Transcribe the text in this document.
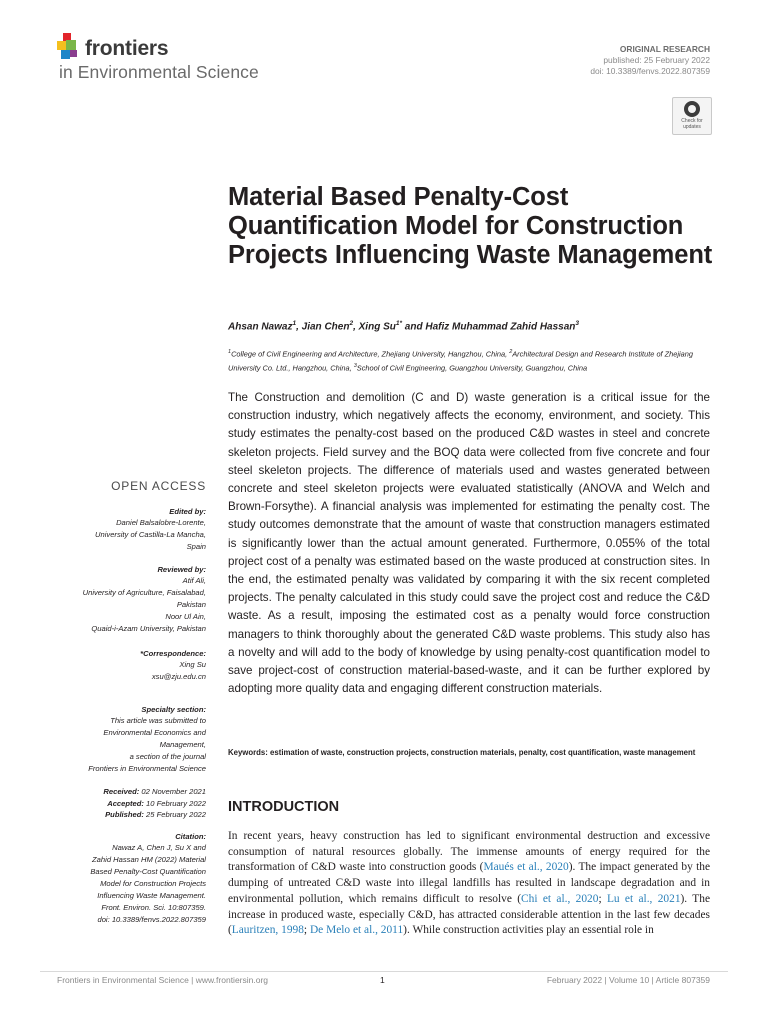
frontiers
in Environmental Science
ORIGINAL RESEARCH
published: 25 February 2022
doi: 10.3389/fenvs.2022.807359
Check for updates
Material Based Penalty-Cost Quantification Model for Construction Projects Influencing Waste Management

Ahsan Nawaz$^1$, Jian Chen$^2$, Xing $Su^{1*}$ and Hafiz Muhammad Zahid Hassan$^3$

$^1$College of Civil Engineering and Architecture, Zhejiang University, Hangzhou, China, $^2$Architectural Design and Research Institute of Zhejiang University Co. Ltd., Hangzhou, China, $^3$School of Civil Engineering, Guangzhou University, Guangzhou, China

The Construction and demolition (C and D) waste generation is a critical issue for the construction industry, which negatively affects the economy, environment, and society. This study estimates the penalty-cost based on the produced C&D wastes in steel and concrete skeleton projects. Field survey and the BOQ data were collected from five concrete and four steel skeleton projects. The difference of materials used and wastes generated between concrete and steel skeleton projects were evaluated statistically (ANOVA and Welch and Brown-Forsythe). A financial analysis was implemented for estimating the penalty cost. The study outcomes demonstrate that the amount of waste that construction managers estimated is significantly lower than the actual amount generated. Furthermore, 0.055% of the total project cost of a penalty was estimated based on the waste produced at construction sites. In the end, the estimated penalty was validated by comparing it with the six recent completed projects. The penalty calculated in this study could save the project cost and reduce the C&D waste. As a result, imposing the estimated cost as a penalty would force construction managers to think thoroughly about the generated C&D waste problems. This study also has a novelty and will add to the body of knowledge by using penalty-cost quantification model to save project-cost of construction material-based-waste, and it can be further explored by adopting more quality data and engaging different construction materials.

Keywords: estimation of waste, construction projects, construction materials, penalty, cost quantification, waste management

INTRODUCTION

In recent years, heavy construction has led to significant environmental destruction and excessive consumption of natural resources globally. The immense amounts of energy required for the transformation of C&D waste into construction goods (Maués et al., 2020). The impact generated by the dumping of untreated C&D waste into illegal landfills has resulted in landscape degradation and in environmental pollution, which remains difficult to resolve (Chi et al., 2020; Lu et al., 2021). The increase in produced waste, especially C&D, has attracted considerable attention in the last few decades (Lauritzen, 1998; De Melo et al., 2011). While construction activities play an essential role in

OPEN ACCESS
Edited by:
Daniel Balsalobre-Lorente,
University of Castilla-La Mancha,
Spain
Reviewed by:
Atif Ali,
University of Agriculture, Faisalabad,
Pakistan
Noor Ul Ain,
Quaid-i-Azam University, Pakistan
*Correspondence:
Xing Su
xsu@zju.edu.cn
Specialty section:
This article was submitted to
Environmental Economics and
Management,
a section of the journal
Frontiers in Environmental Science
Received: 02 November 2021
Accepted: 10 February 2022
Published: 25 February 2022
Citation:
Nawaz A, Chen J, Su X and
Zahid Hassan HM (2022) Material
Based Penalty-Cost Quantification
Model for Construction Projects
Influencing Waste Management.
Front. Environ. Sci. 10:807359.
doi: 10.3389/fenvs.2022.807359
Frontiers in Environmental Science | www.frontiersin.org	1	February 2022 | Volume 10 | Article 807359
